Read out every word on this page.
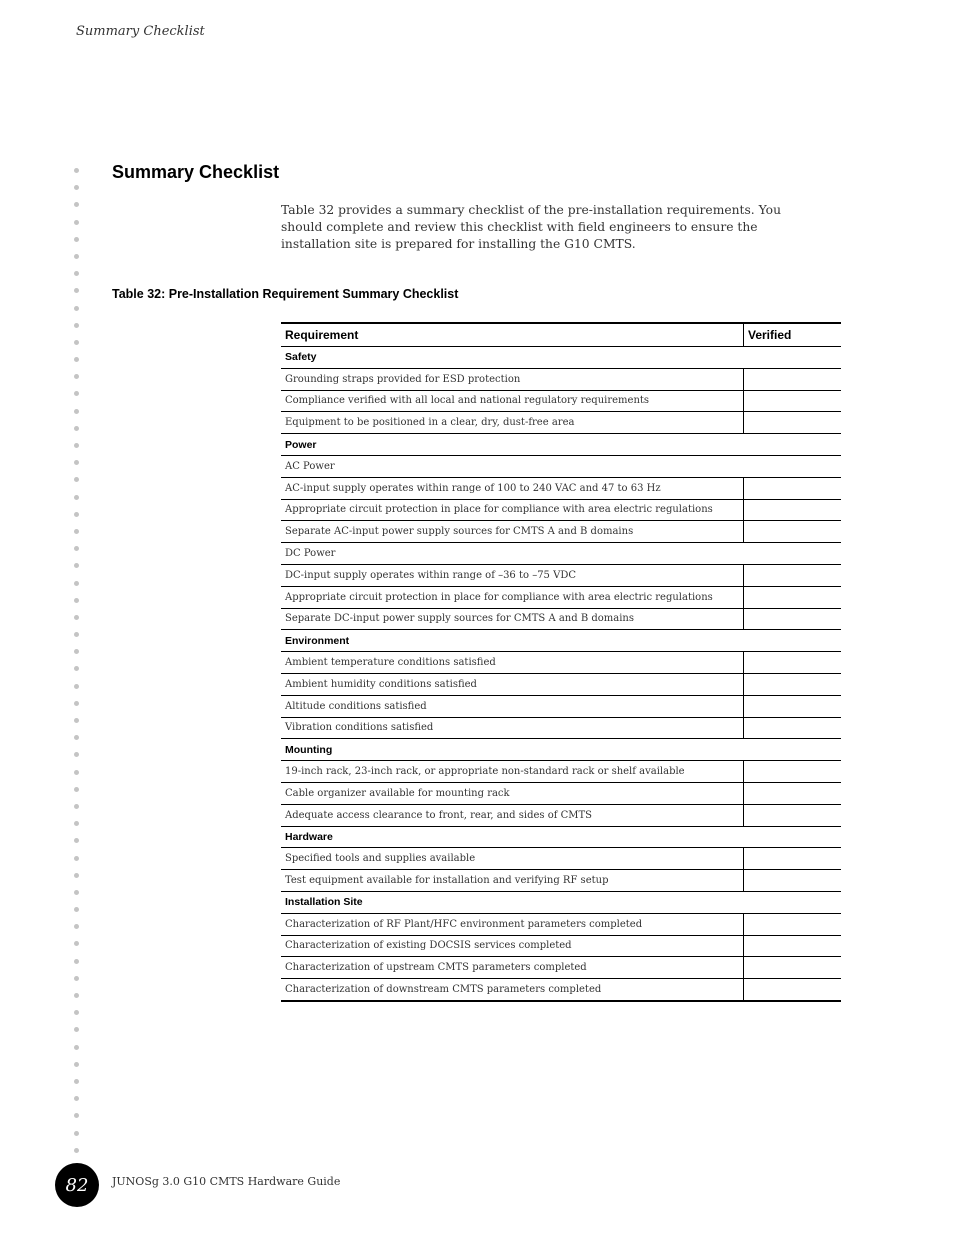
Summary Checklist
Summary Checklist

Table 32 provides a summary checklist of the pre-installation requirements. You should complete and review this checklist with field engineers to ensure the installation site is prepared for installing the G10 CMTS.

Table 32: Pre-Installation Requirement Summary Checklist
Requirement	Verified
Safety	
Grounding straps provided for ESD protection	
Compliance verified with all local and national regulatory requirements	
Equipment to be positioned in a clear, dry, dust-free area	
Power	
AC Power	
AC-input supply operates within range of 100 to 240 VAC and 47 to 63 Hz	
Appropriate circuit protection in place for compliance with area electric regulations	
Separate AC-input power supply sources for CMTS A and B domains	
DC Power	
DC-input supply operates within range of –36 to –75 VDC	
Appropriate circuit protection in place for compliance with area electric regulations	
Separate DC-input power supply sources for CMTS A and B domains	
Environment	
Ambient temperature conditions satisfied	
Ambient humidity conditions satisfied	
Altitude conditions satisfied	
Vibration conditions satisfied	
Mounting	
19-inch rack, 23-inch rack, or appropriate non-standard rack or shelf available	
Cable organizer available for mounting rack	
Adequate access clearance to front, rear, and sides of CMTS	
Hardware	
Specified tools and supplies available	
Test equipment available for installation and verifying RF setup	
Installation Site	
Characterization of RF Plant/HFC environment parameters completed	
Characterization of existing DOCSIS services completed	
Characterization of upstream CMTS parameters completed	
Characterization of downstream CMTS parameters completed	
82	JUNOSg 3.0 G10 CMTS Hardware Guide
